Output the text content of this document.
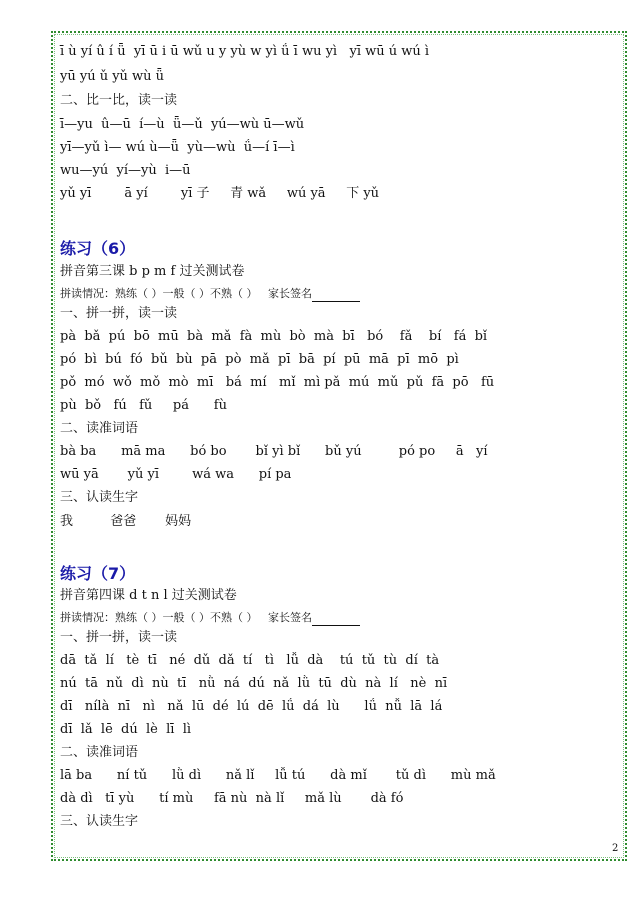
ī ù yí û í ǖ  yī ū i ū wǔ u y yù w yì ǘ ī wu yì   yī wū ú wú ì
yū yú ǔ yǔ wù ǖ
二、比一比，读一读
ī—yu  û—ū  í—ù  ǖ—ǔ  yú—wù ū—wǔ
yī—yǔ ì— wú ù—ǖ  yù—wù  ǘ—í ī—ì
wu—yú  yí—yù  i—ū
yǔ yī        ā yí        yī 子     青 wǎ     wú yā     下 yǔ
练习（6）
拼音第三课 b p m f 过关测试卷
拼读情况：熟练（ ）一般（ ）不熟（ ）   家长签名
一、拼一拼，读一读
pà  bǎ  pú  bō  mū  bà  mǎ  fà  mù  bò  mà  bī   bó    fǎ    bí   fá  bǐ
pó  bì  bú  fó  bǔ  bù  pā  pò  mǎ  pī  bā  pí  pū  mā  pī  mō  pì
pǒ  mó  wǒ  mǒ  mò  mī   bá  mí   mǐ  mì pǎ  mú  mǔ  pǔ  fā  pō   fū
pù  bǒ   fú   fǔ     pá      fù
二、读准词语
bà ba      mā ma      bó bo       bǐ yì bǐ      bǔ yú         pó po     ā   yí
wū yā       yǔ yī        wá wa      pí pa
三、认读生字
我         爸爸       妈妈
练习（7）
拼音第四课 d t n l 过关测试卷
拼读情况：熟练（ ）一般（ ）不熟（ ）   家长签名
一、拼一拼，读一读
dā  tǎ  lí   tè  tī   né  dǔ  dǎ  tí   tì   lǚ  dà    tú  tǔ  tù  dí  tà
nú  tā  nǔ  dì  nù  tī   nǜ  ná  dú  nǎ  lǜ  tū  dù  nà  lí   nè  nī
dī   nílà  nī   nì   nǎ  lū  dé  lú  dē  lǘ  dá  lù      lǘ  nǚ  lā  lá
dī  lǎ  lē  dú  lè  lī  lì
二、读准词语
lā ba      ní tǔ      lǜ dì      nǎ lǐ     lǚ tú      dà mǐ       tǔ dì      mù mǎ
dà dì   tī yù      tí mù     fā nù  nà lǐ     mǎ lù       dà fó
三、认读生字
2
